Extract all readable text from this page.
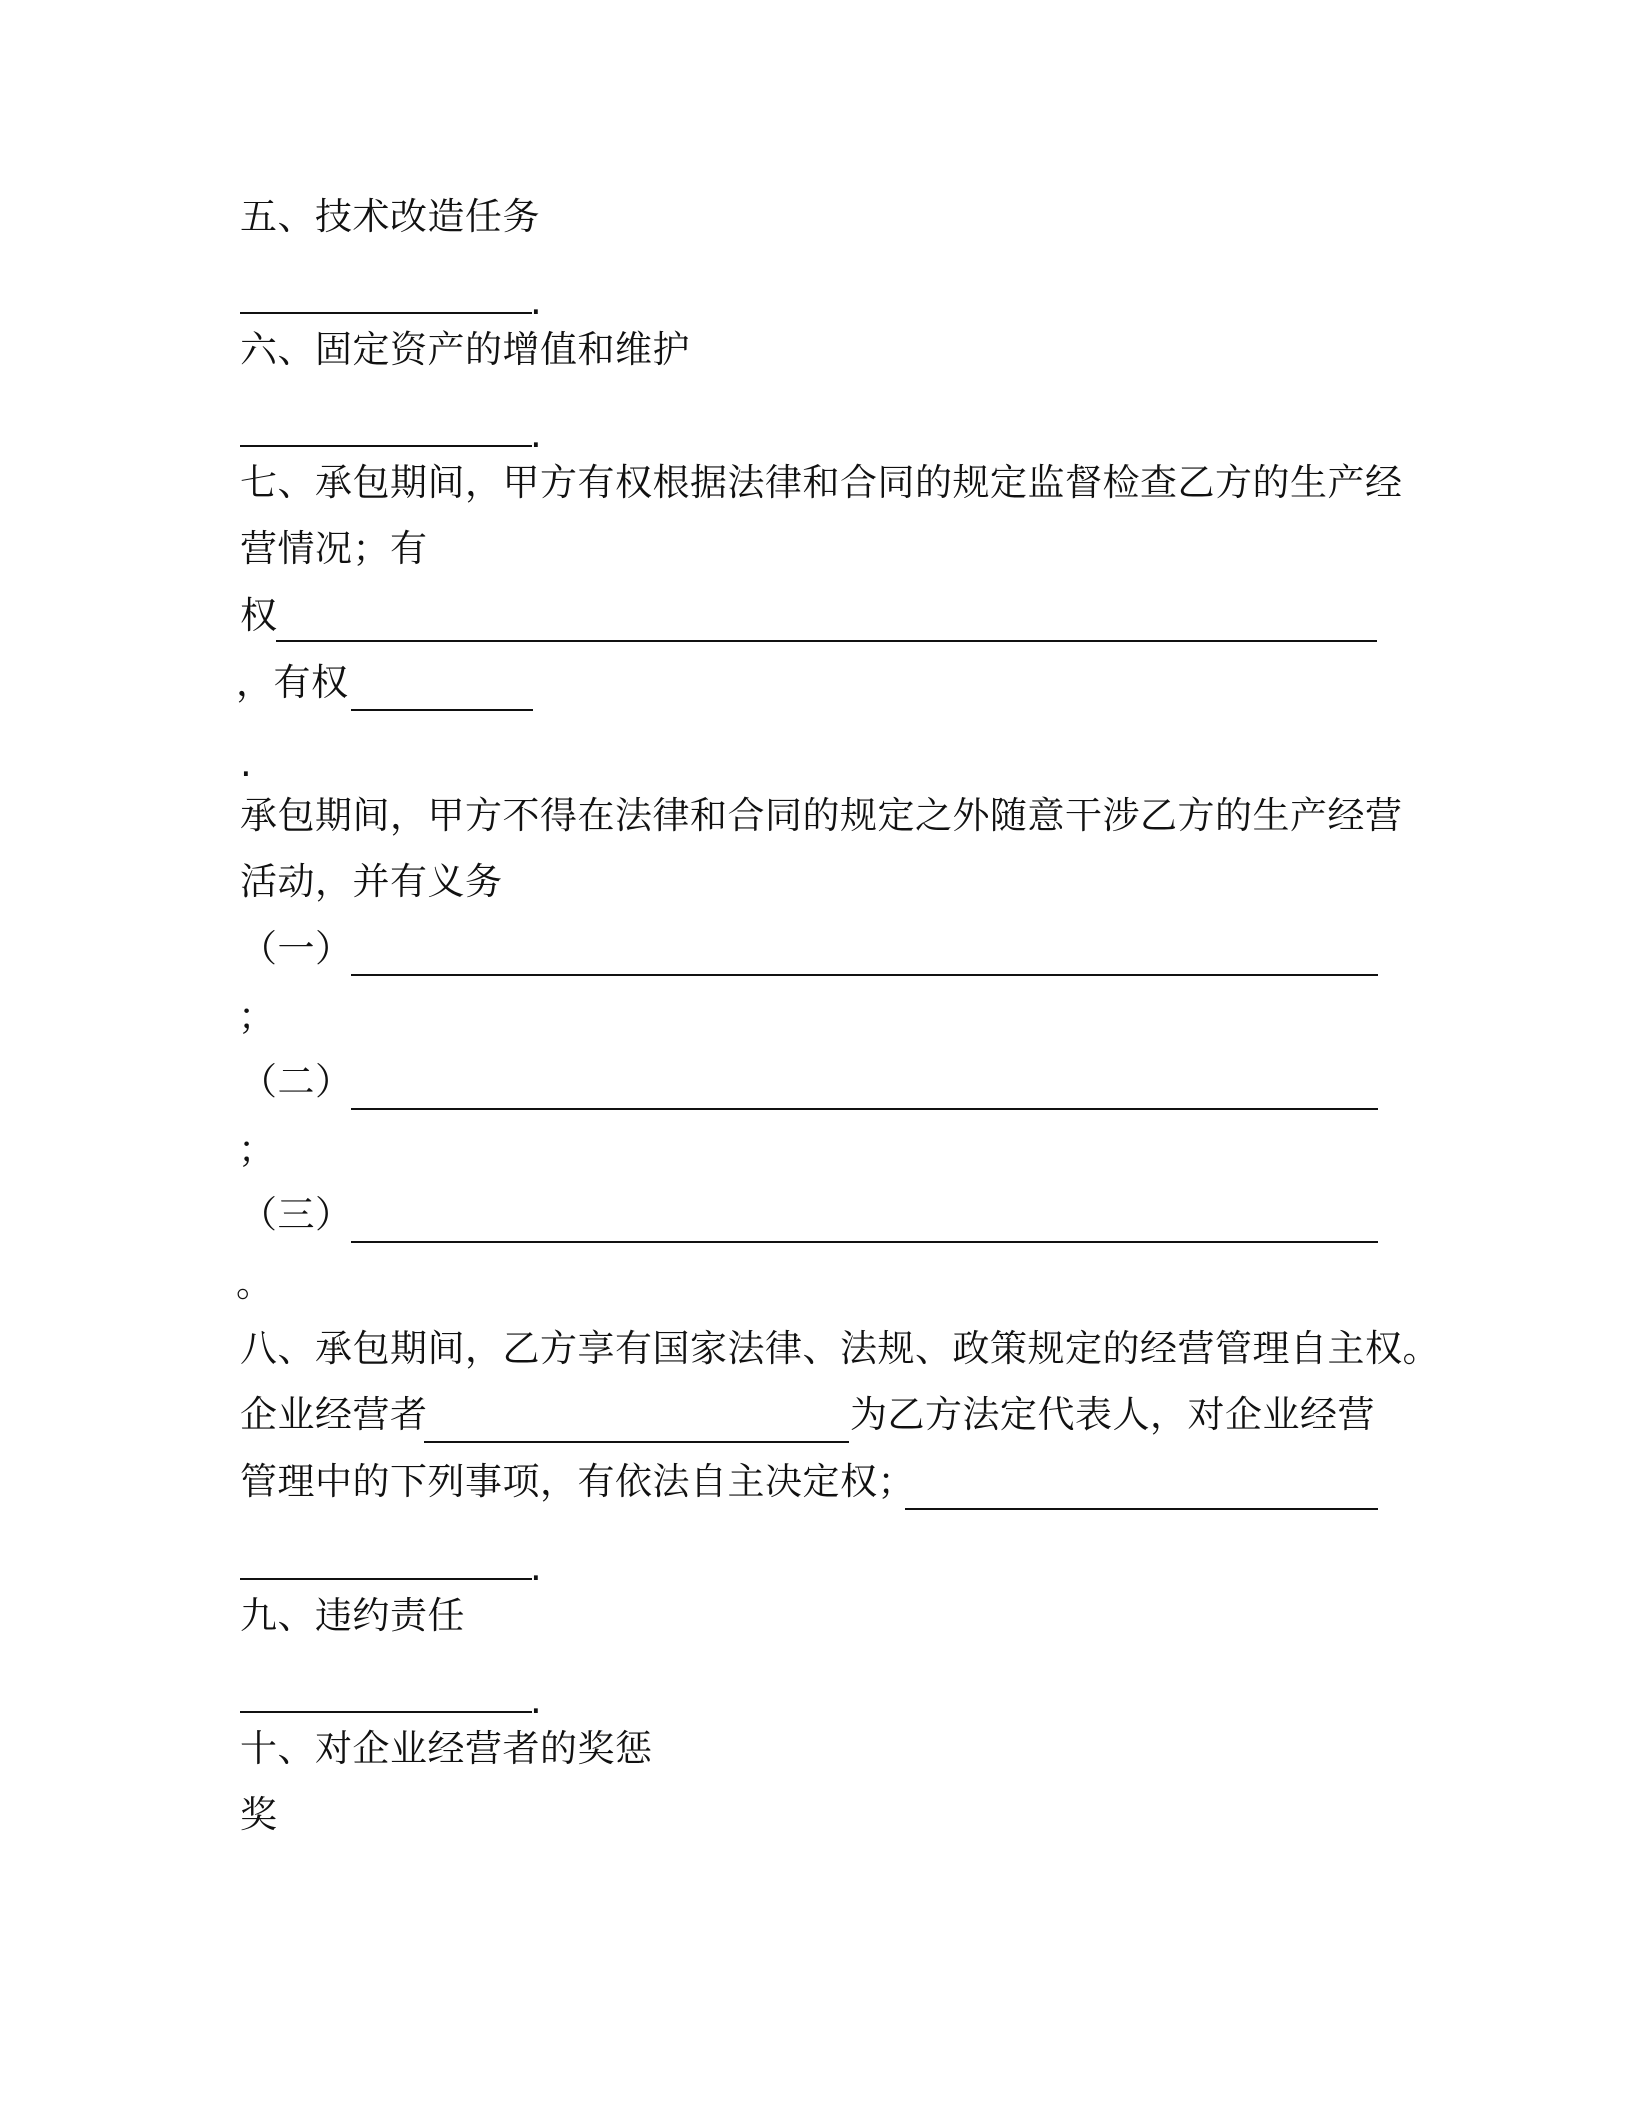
五、技术改造任务
.
六、固定资产的增值和维护
.
七、承包期间，甲方有权根据法律和合同的规定监督检查乙方的生产经
营情况；有
权
，有权
.
承包期间，甲方不得在法律和合同的规定之外随意干涉乙方的生产经营
活动，并有义务
（一）
；
（二）
；
（三）
。
八、承包期间，乙方享有国家法律、法规、政策规定的经营管理自主权。
企业经营者	为乙方法定代表人，对企业经营
管理中的下列事项，有依法自主决定权；
.
九、违约责任
.
十、对企业经营者的奖惩
奖
